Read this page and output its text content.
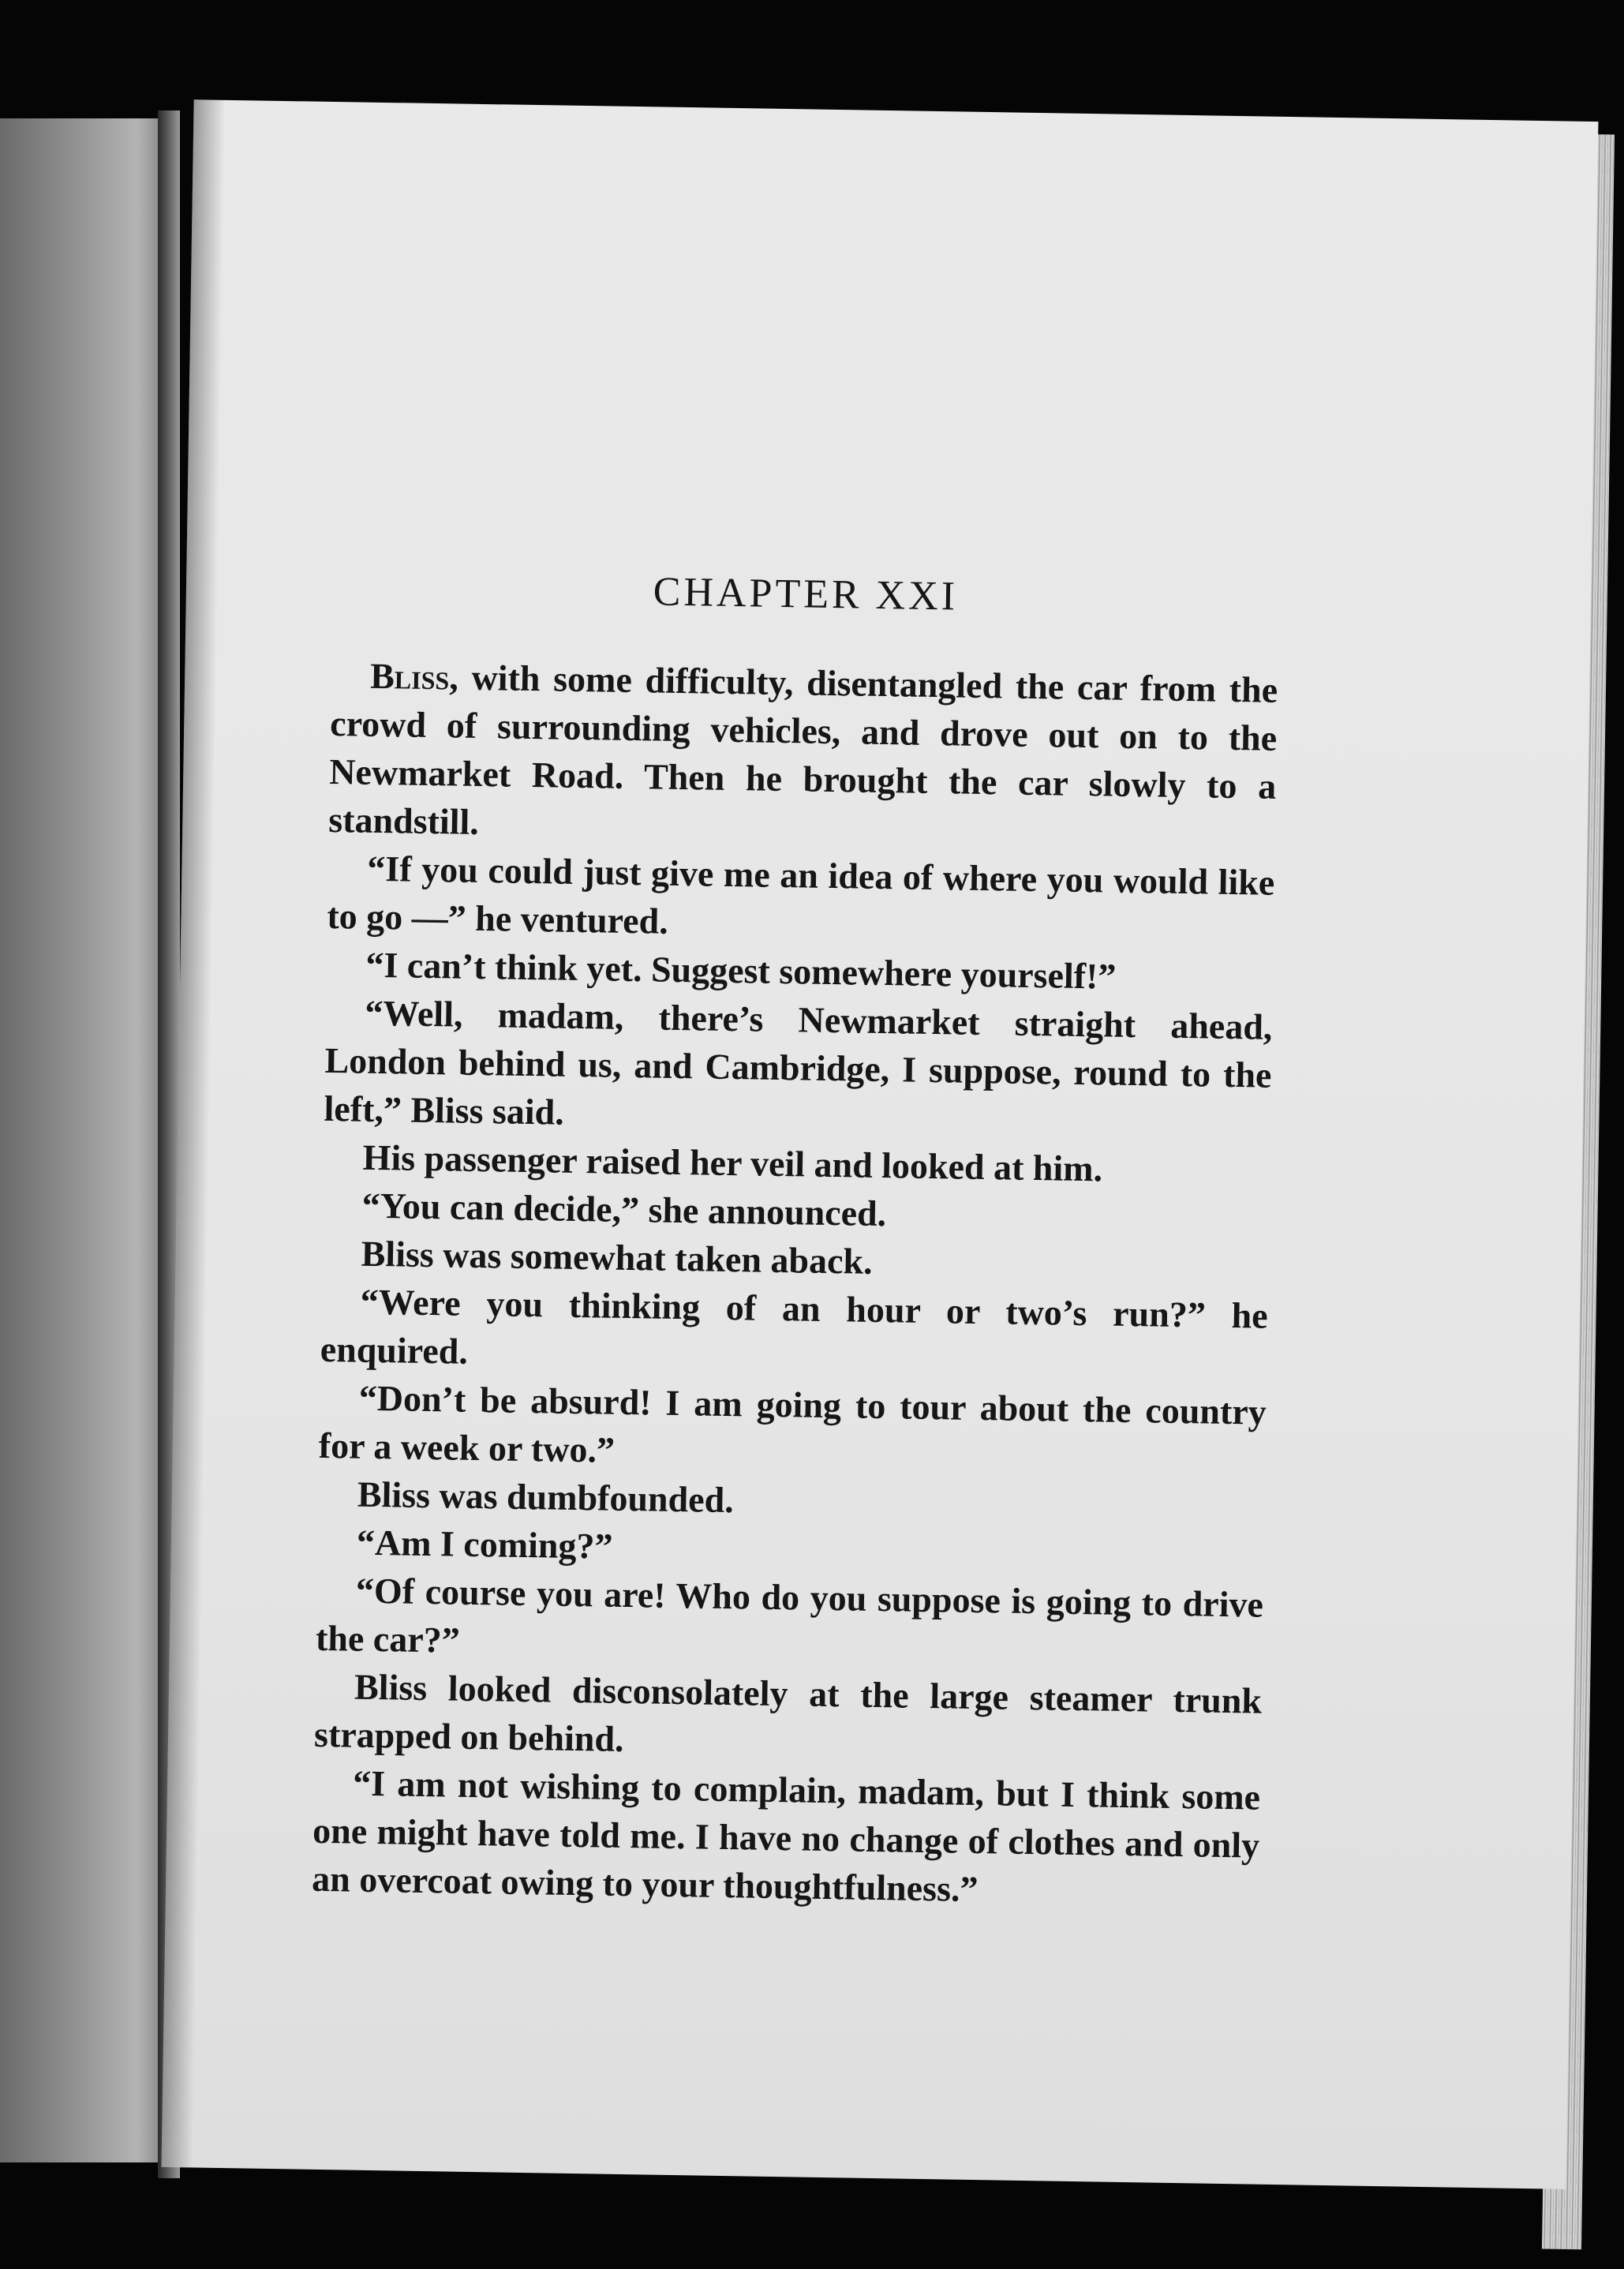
CHAPTER XXI

Bliss, with some difficulty, disentangled the car from the crowd of surrounding vehicles, and drove out on to the Newmarket Road. Then he brought the car slowly to a standstill.

“If you could just give me an idea of where you would like to go —” he ventured.

“I can’t think yet. Suggest somewhere yourself!”

“Well, madam, there’s Newmarket straight ahead, London behind us, and Cambridge, I suppose, round to the left,” Bliss said.

His passenger raised her veil and looked at him.

“You can decide,” she announced.

Bliss was somewhat taken aback.

“Were you thinking of an hour or two’s run?” he enquired.

“Don’t be absurd! I am going to tour about the country for a week or two.”

Bliss was dumbfounded.

“Am I coming?”

“Of course you are! Who do you suppose is going to drive the car?”

Bliss looked disconsolately at the large steamer trunk strapped on behind.

“I am not wishing to complain, madam, but I think some one might have told me. I have no change of clothes and only an overcoat owing to your thoughtfulness.”
